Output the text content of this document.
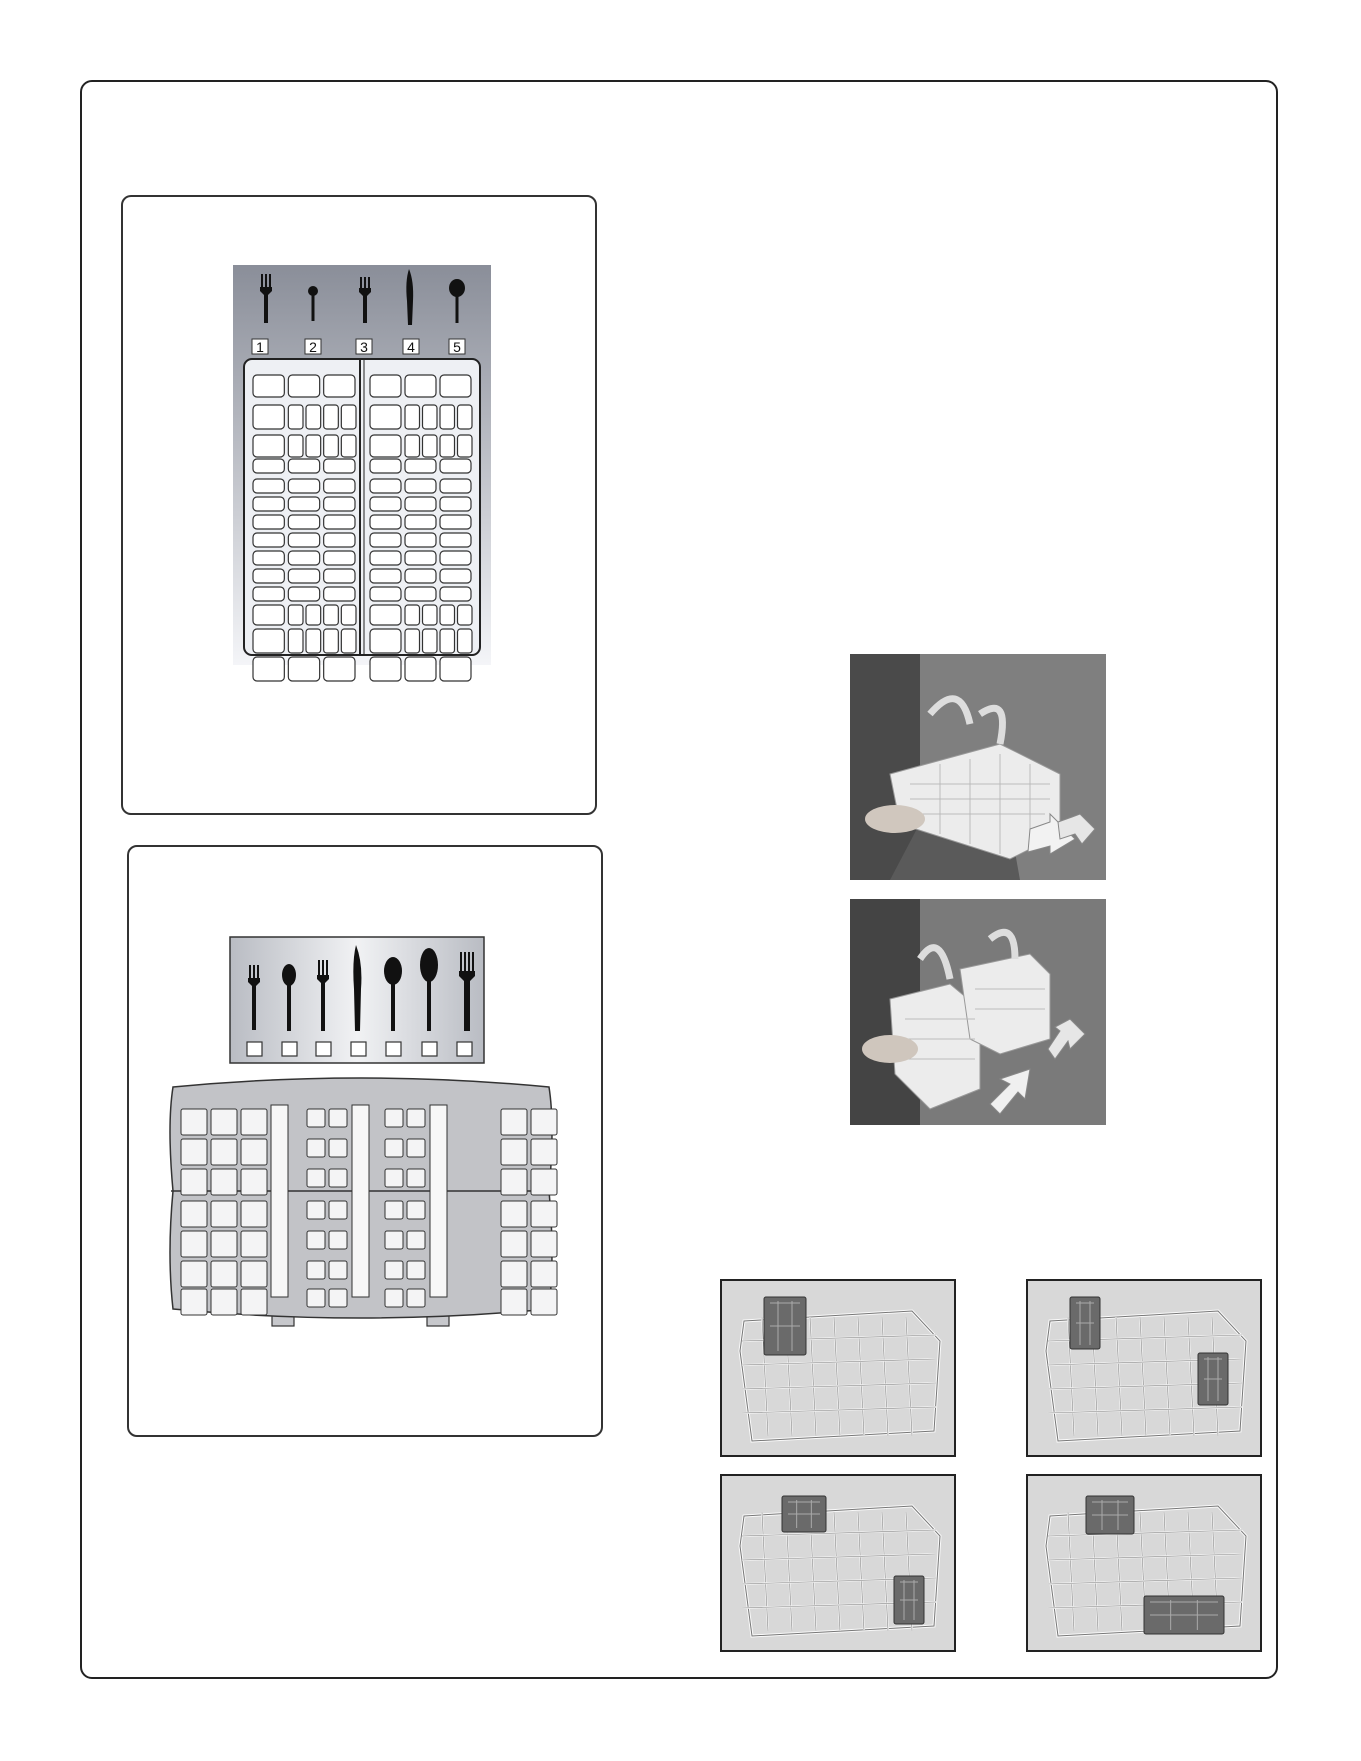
1	2	3	4	5
